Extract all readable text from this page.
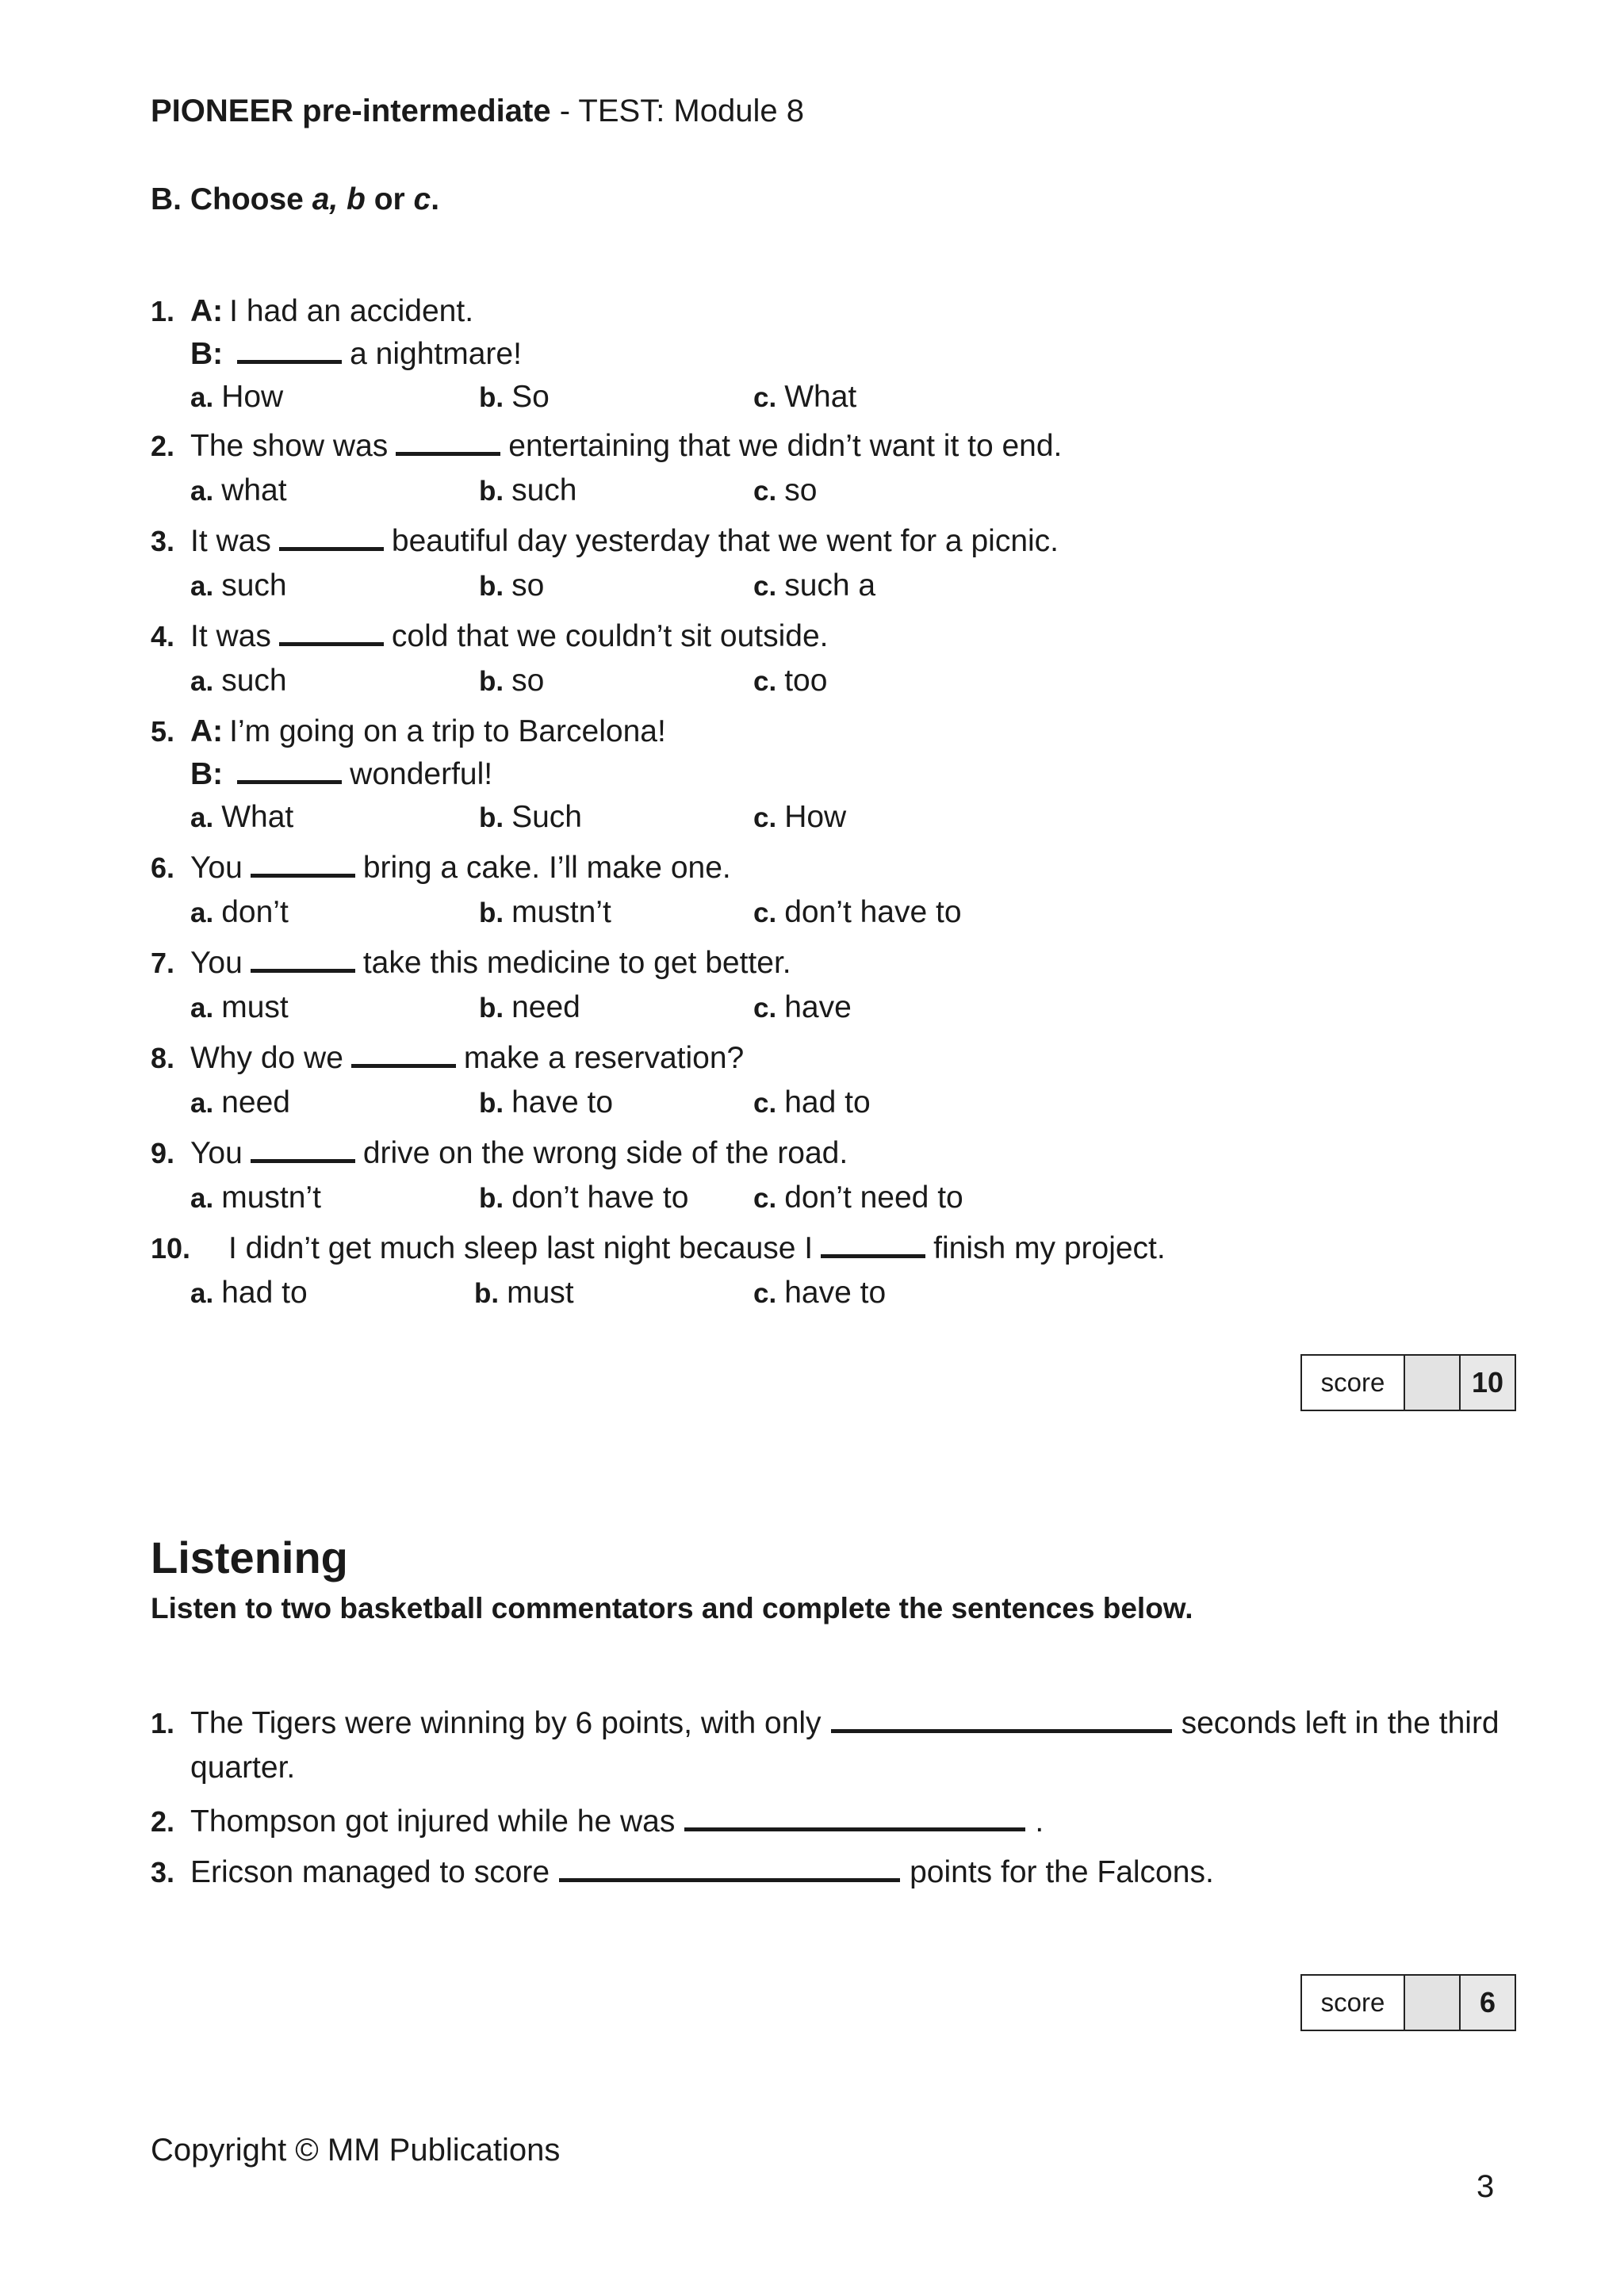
PIONEER pre-intermediate - TEST: Module 8
B. Choose a, b or c.
1. A: I had an accident.
B:	a nightmare!
a. How	b. So	c. What
2. The show was	entertaining that we didn’t want it to end.
a. what	b. such	c. so
3. It was	beautiful day yesterday that we went for a picnic.
a. such	b. so	c. such a
4. It was	cold that we couldn’t sit outside.
a. such	b. so	c. too
5. A: I’m going on a trip to Barcelona!
B:	wonderful!
a. What	b. Such	c. How
6. You	bring a cake. I’ll make one.
a. don’t	b. mustn’t	c. don’t have to
7. You	take this medicine to get better.
a. must	b. need	c. have
8. Why do we	make a reservation?
a. need	b. have to	c. had to
9. You	drive on the wrong side of the road.
a. mustn’t	b. don’t have to c. don’t need to
10. I didn’t get much sleep last night because I	finish my project.
a. had to	b. must	c. have to
score	10
Listening
Listen to two basketball commentators and complete the sentences below.
1. The Tigers were winning by 6 points, with only	seconds left in the third quarter.
2. Thompson got injured while he was	.
3. Ericson managed to score	points for the Falcons.
score	6
Copyright © MM Publications
3
